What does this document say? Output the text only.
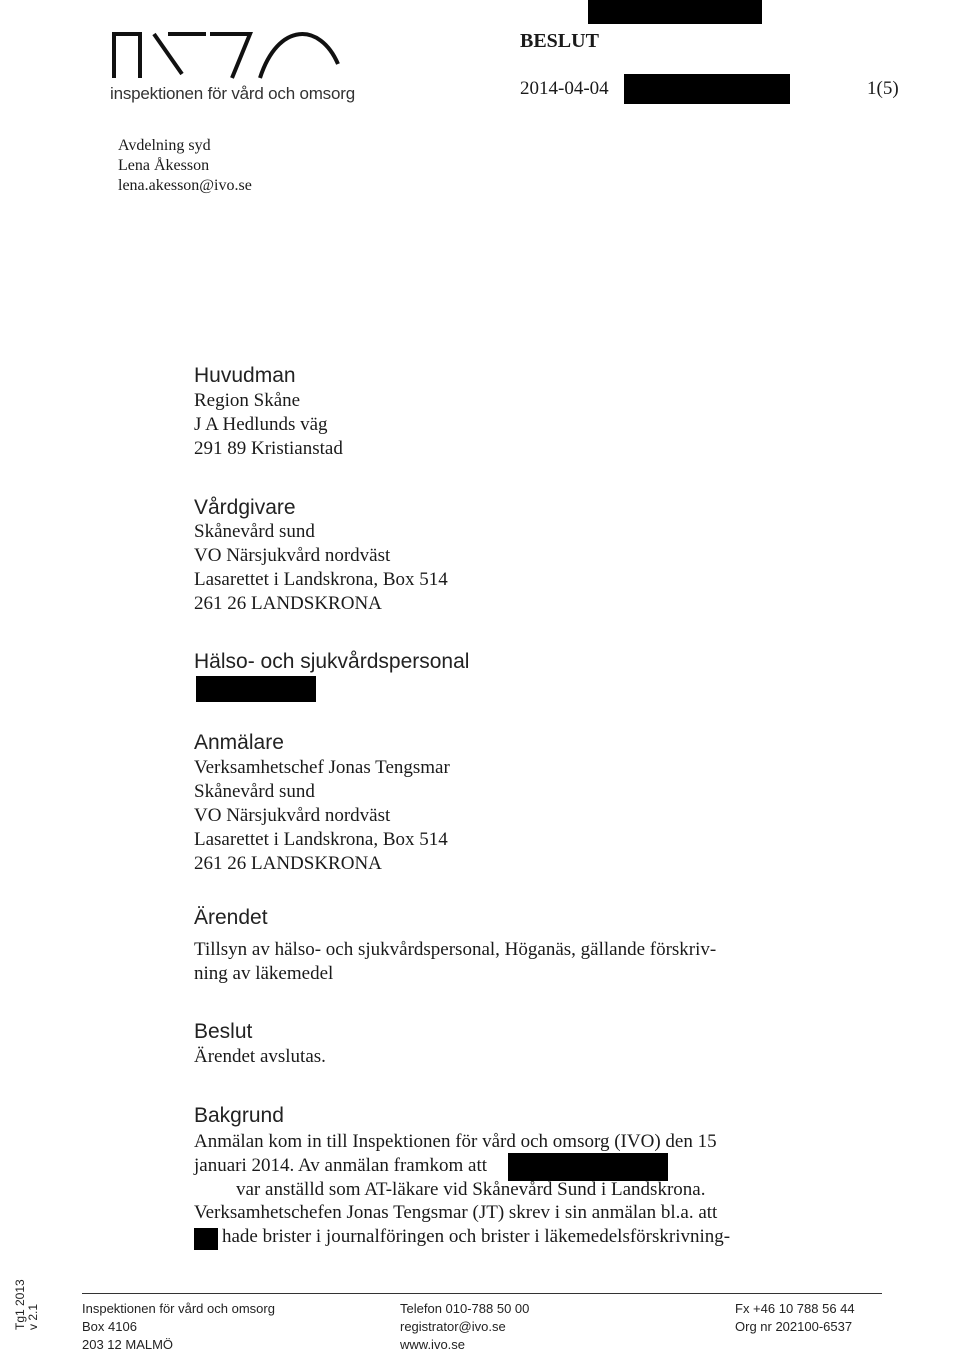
inspektionen för vård och omsorg
BESLUT
2014-04-04	1(5)
Avdelning syd
Lena Åkesson
lena.akesson@ivo.se
Huvudman
Region Skåne
J A Hedlunds väg
291 89 Kristianstad
Vårdgivare
Skånevård sund
VO Närsjukvård nordväst
Lasarettet i Landskrona, Box 514
261 26 LANDSKRONA
Hälso- och sjukvårdspersonal
Anmälare
Verksamhetschef Jonas Tengsmar
Skånevård sund
VO Närsjukvård nordväst
Lasarettet i Landskrona, Box 514
261 26 LANDSKRONA
Ärendet
Tillsyn av hälso- och sjukvårdspersonal, Höganäs, gällande förskriv-
ning av läkemedel
Beslut
Ärendet avslutas.
Bakgrund
Anmälan kom in till Inspektionen för vård och omsorg (IVO) den 15
januari 2014. Av anmälan framkom att
var anställd som AT-läkare vid Skånevård Sund i Landskrona.
Verksamhetschefen Jonas Tengsmar (JT) skrev i sin anmälan bl.a. att
hade brister i journalföringen och brister i läkemedelsförskrivning-
Tg1 2013 v 2.1	Inspektionen för vård och omsorg
Box 4106
203 12 MALMÖ
Telefon 010-788 50 00
registrator@ivo.se
www.ivo.se
Fx +46 10 788 56 44
Org nr 202100-6537
